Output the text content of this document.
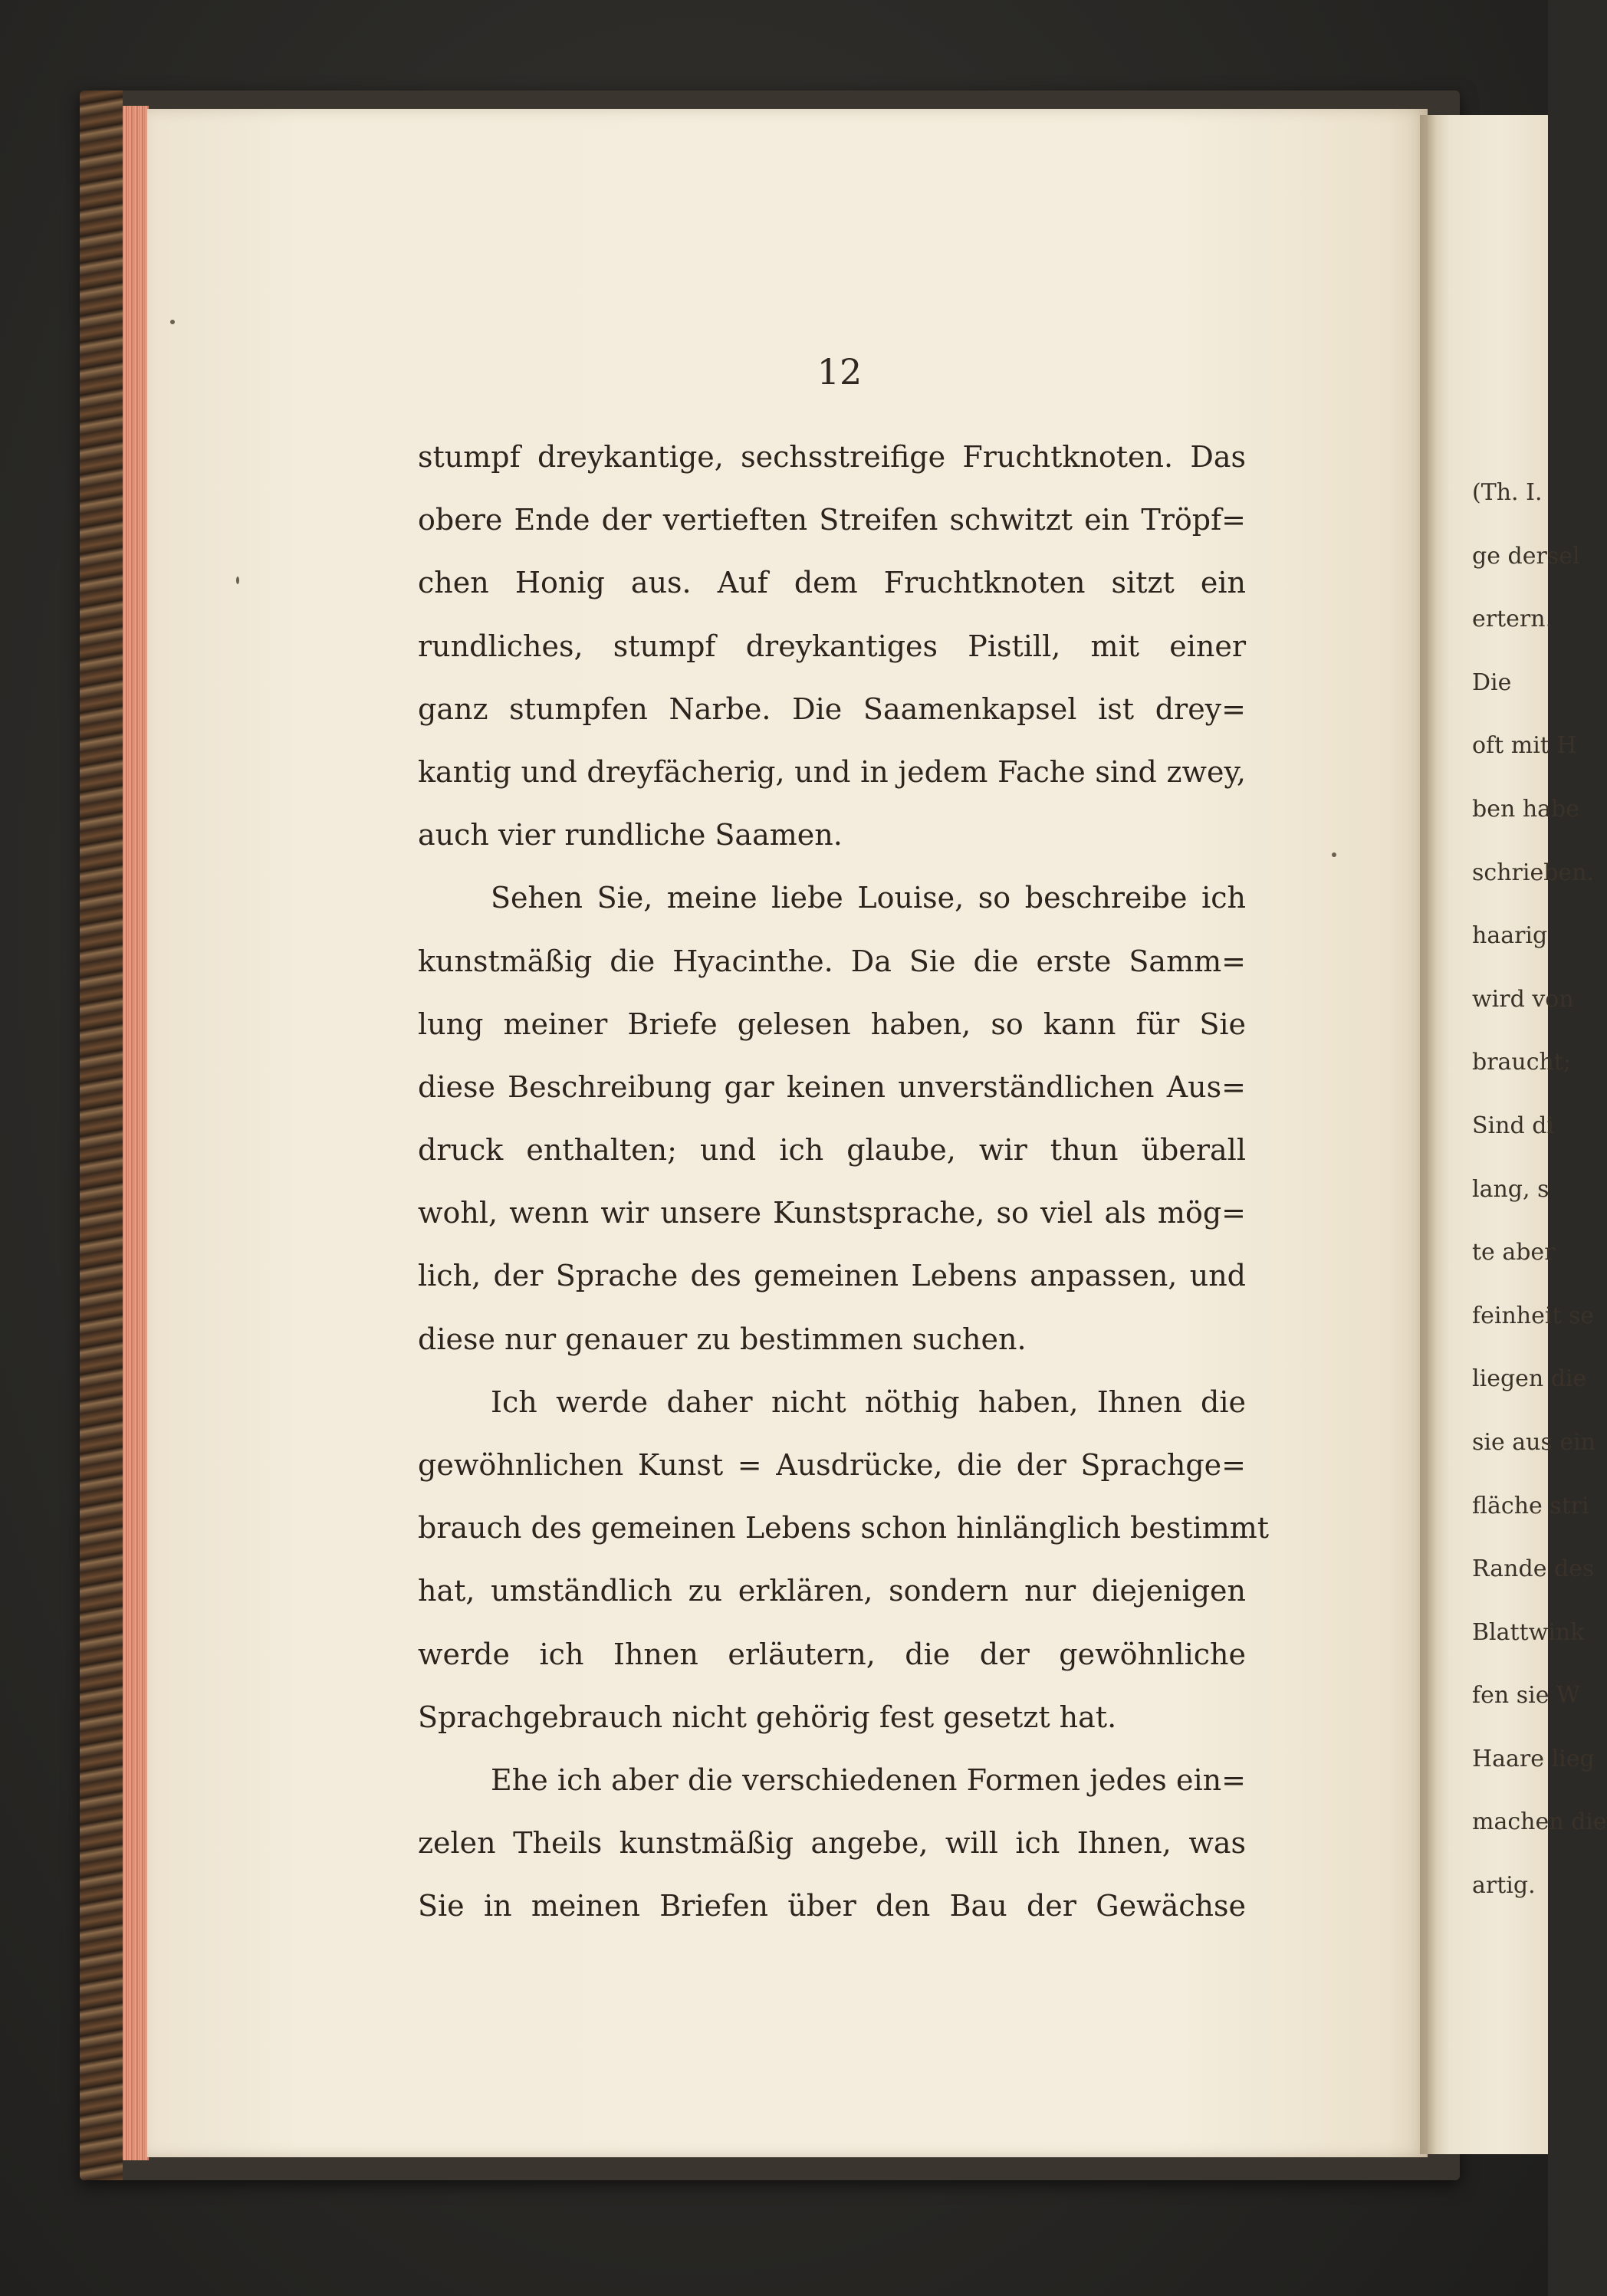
12
stumpf dreykantige, sechsstreifige Fruchtknoten. Das
obere Ende der vertieften Streifen schwitzt ein Tröpf=
chen Honig aus. Auf dem Fruchtknoten sitzt ein
rundliches, stumpf dreykantiges Pistill, mit einer
ganz stumpfen Narbe. Die Saamenkapsel ist drey=
kantig und dreyfächerig, und in jedem Fache sind zwey,
auch vier rundliche Saamen.
Sehen Sie, meine liebe Louise, so beschreibe ich
kunstmäßig die Hyacinthe. Da Sie die erste Samm=
lung meiner Briefe gelesen haben, so kann für Sie
diese Beschreibung gar keinen unverständlichen Aus=
druck enthalten; und ich glaube, wir thun überall
wohl, wenn wir unsere Kunstsprache, so viel als mög=
lich, der Sprache des gemeinen Lebens anpassen, und
diese nur genauer zu bestimmen suchen.
Ich werde daher nicht nöthig haben, Ihnen die
gewöhnlichen Kunst = Ausdrücke, die der Sprachge=
brauch des gemeinen Lebens schon hinlänglich bestimmt
hat, umständlich zu erklären, sondern nur diejenigen
werde ich Ihnen erläutern, die der gewöhnliche
Sprachgebrauch nicht gehörig fest gesetzt hat.
Ehe ich aber die verschiedenen Formen jedes ein=
zelen Theils kunstmäßig angebe, will ich Ihnen, was
Sie in meinen Briefen über den Bau der Gewächse
(Th. I.
ge dersel
ertern.
Die
oft mit H
ben habe
schrieben.
haarig
wird von
braucht;
Sind di
lang, s
te aber
feinheit se
liegen die
sie aus ein
fläche stri
Rande des
Blattwink
fen sie W
Haare lieg
machen die
artig.
